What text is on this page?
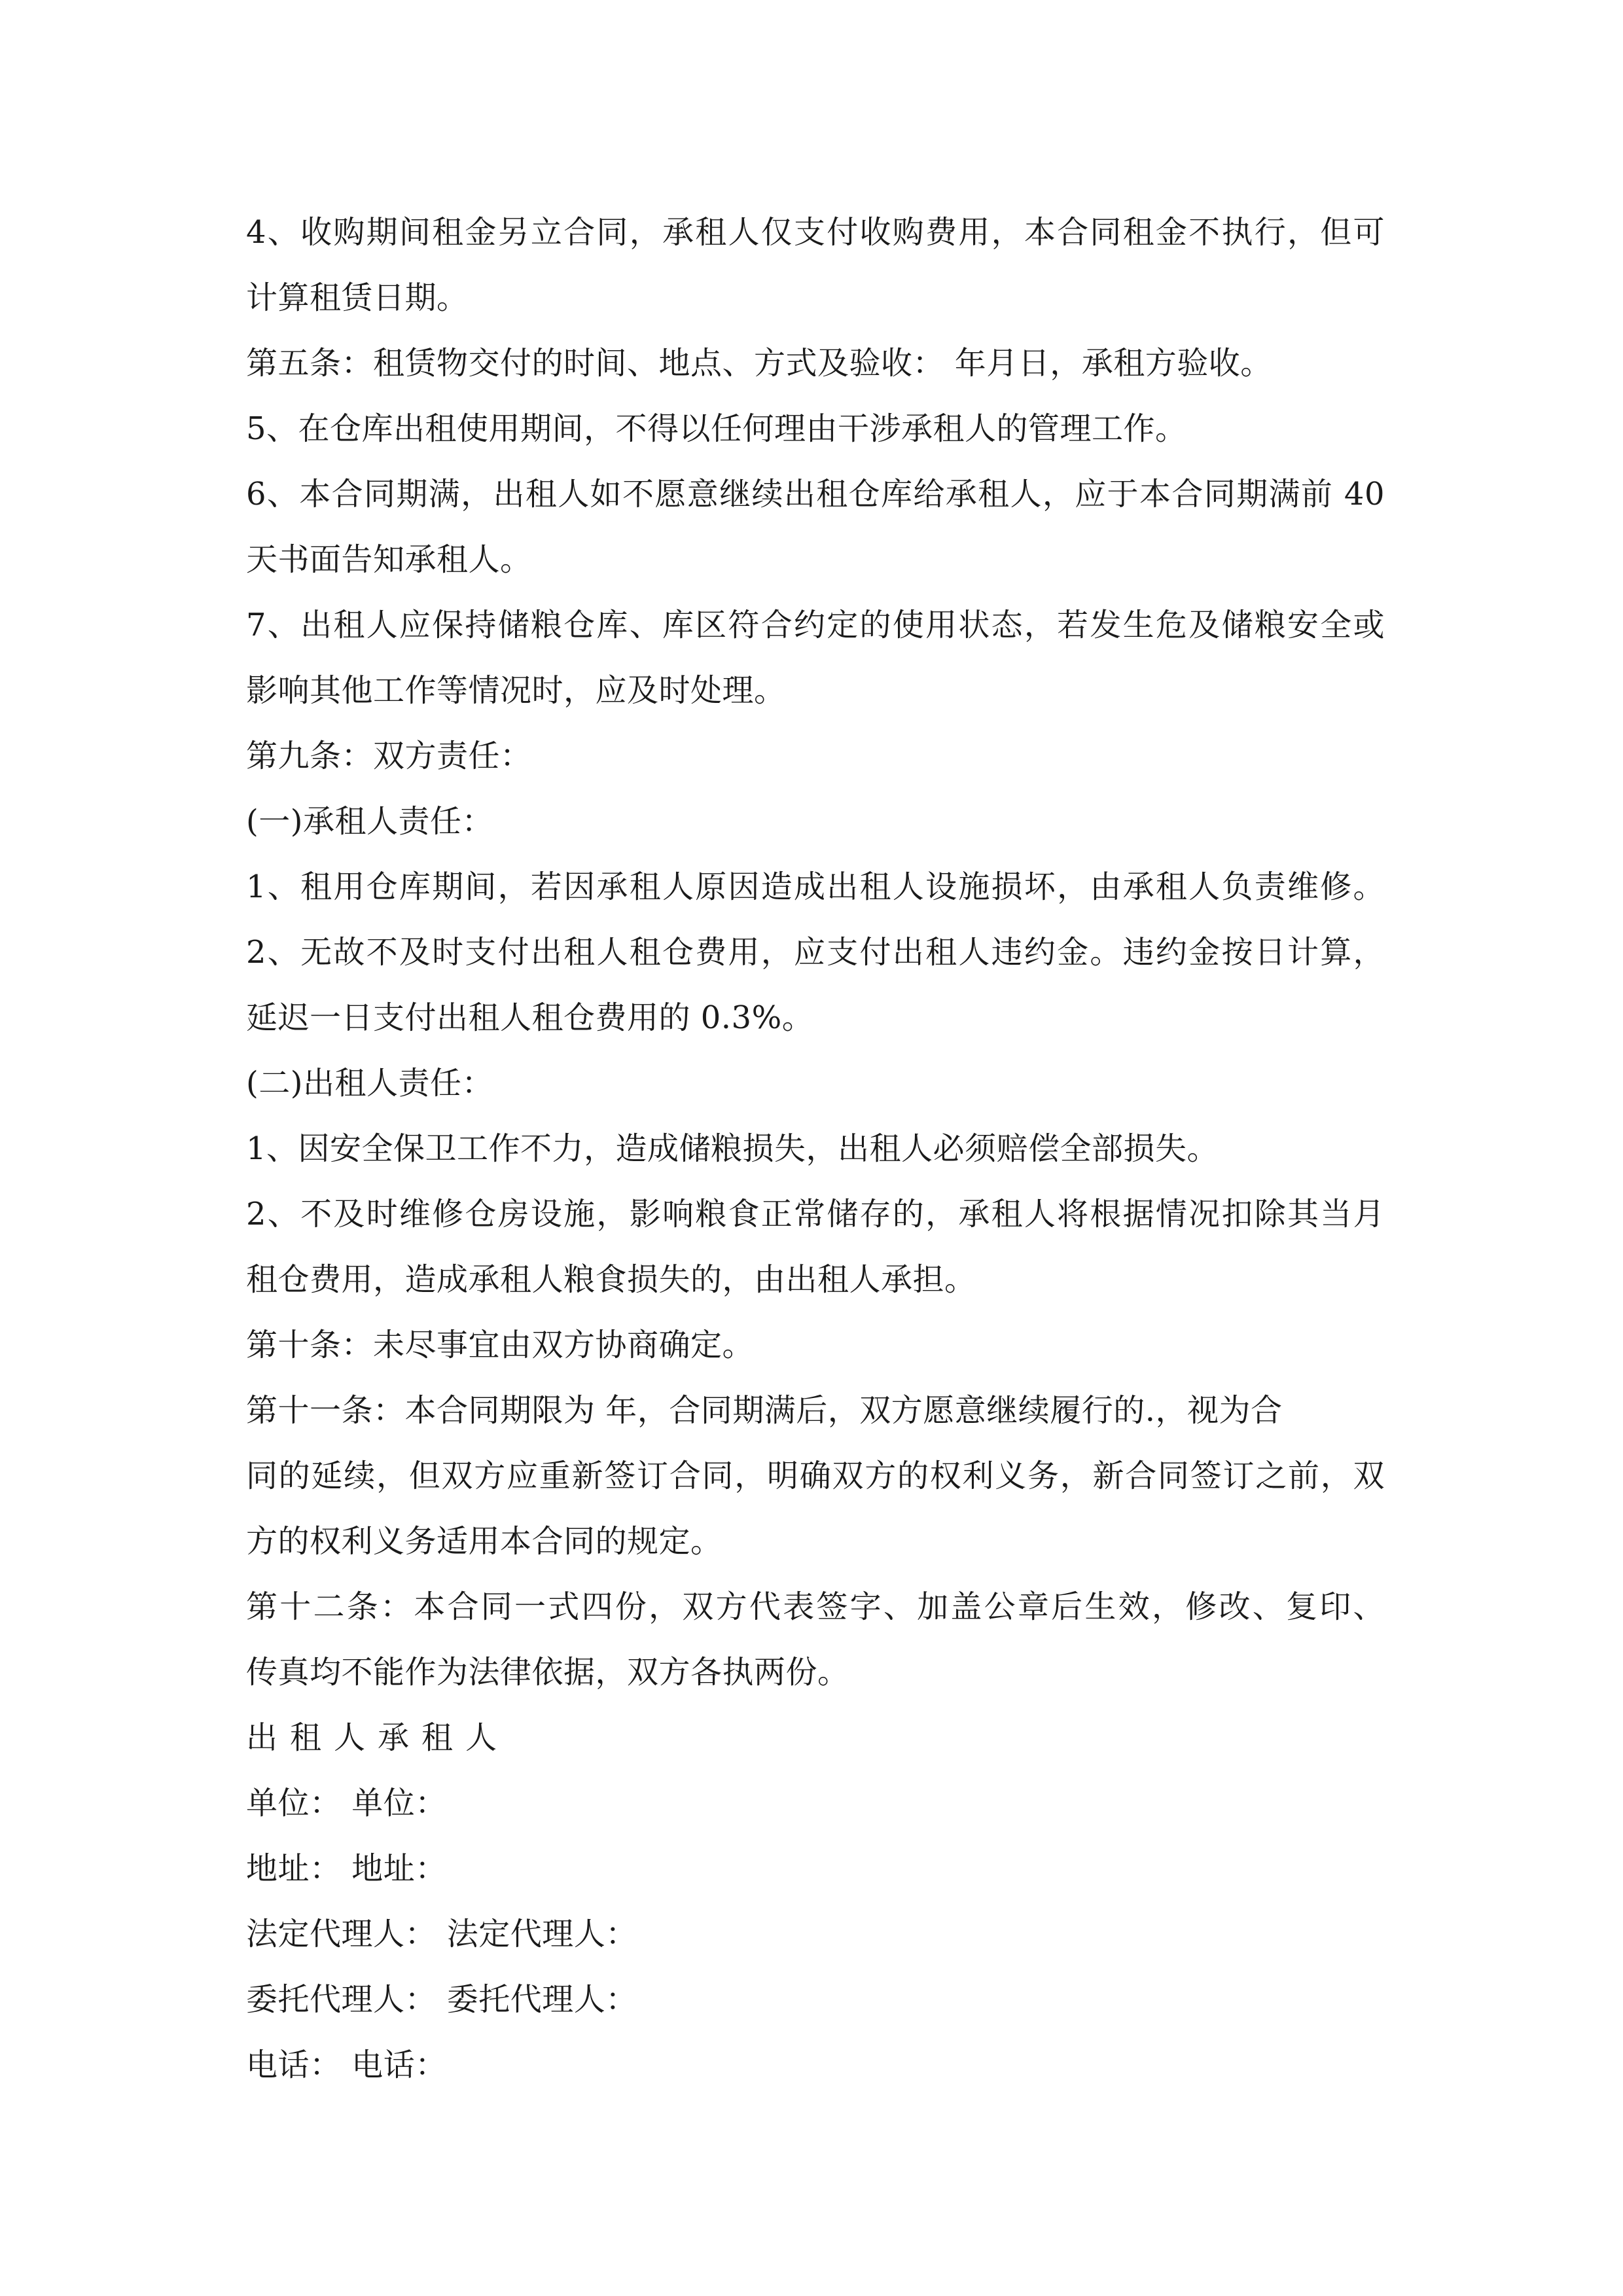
4、收购期间租金另立合同，承租人仅支付收购费用，本合同租金不执行，但可
计算租赁日期。
第五条：租赁物交付的时间、地点、方式及验收： 年月日，承租方验收。
5、在仓库出租使用期间，不得以任何理由干涉承租人的管理工作。
6、本合同期满，出租人如不愿意继续出租仓库给承租人，应于本合同期满前 40
天书面告知承租人。
7、出租人应保持储粮仓库、库区符合约定的使用状态，若发生危及储粮安全或
影响其他工作等情况时，应及时处理。
第九条：双方责任：
(一)承租人责任：
1、租用仓库期间，若因承租人原因造成出租人设施损坏，由承租人负责维修。
2、无故不及时支付出租人租仓费用，应支付出租人违约金。违约金按日计算，
延迟一日支付出租人租仓费用的 0.3%。
(二)出租人责任：
1、因安全保卫工作不力，造成储粮损失，出租人必须赔偿全部损失。
2、不及时维修仓房设施，影响粮食正常储存的，承租人将根据情况扣除其当月
租仓费用，造成承租人粮食损失的，由出租人承担。
第十条：未尽事宜由双方协商确定。
第十一条：本合同期限为 年，合同期满后，双方愿意继续履行的.，视为合
同的延续，但双方应重新签订合同，明确双方的权利义务，新合同签订之前，双
方的权利义务适用本合同的规定。
第十二条：本合同一式四份，双方代表签字、加盖公章后生效，修改、复印、
传真均不能作为法律依据，双方各执两份。
出租人承租人
单位： 单位：
地址： 地址：
法定代理人： 法定代理人：
委托代理人： 委托代理人：
电话： 电话：
